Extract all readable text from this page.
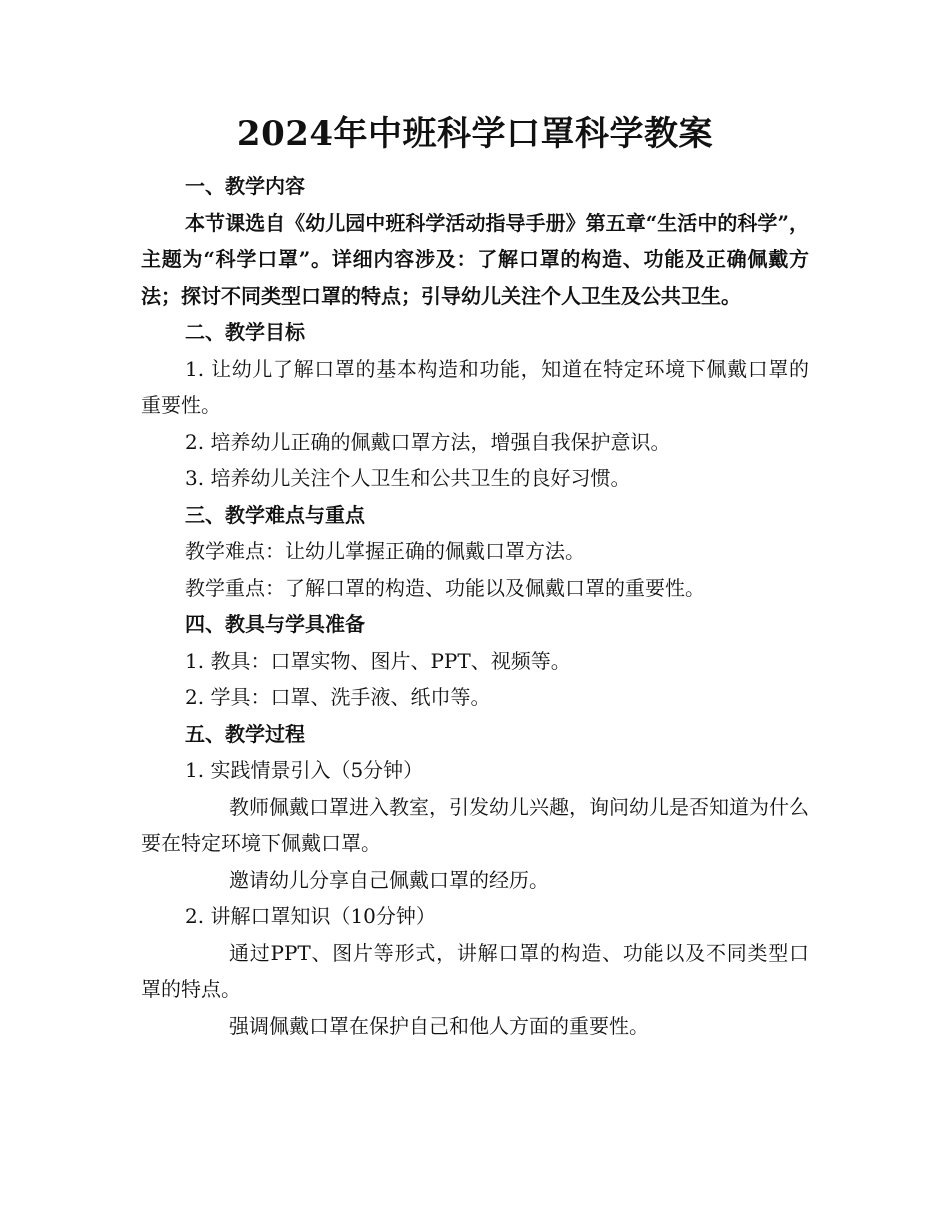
2024年中班科学口罩科学教案

一、教学内容

本节课选自《幼儿园中班科学活动指导手册》第五章“生活中的科学”，主题为“科学口罩”。详细内容涉及：了解口罩的构造、功能及正确佩戴方法；探讨不同类型口罩的特点；引导幼儿关注个人卫生及公共卫生。

二、教学目标

1. 让幼儿了解口罩的基本构造和功能，知道在特定环境下佩戴口罩的重要性。

2. 培养幼儿正确的佩戴口罩方法，增强自我保护意识。

3. 培养幼儿关注个人卫生和公共卫生的良好习惯。

三、教学难点与重点

教学难点：让幼儿掌握正确的佩戴口罩方法。

教学重点：了解口罩的构造、功能以及佩戴口罩的重要性。

四、教具与学具准备

1. 教具：口罩实物、图片、PPT、视频等。

2. 学具：口罩、洗手液、纸巾等。

五、教学过程

1. 实践情景引入（5分钟）

教师佩戴口罩进入教室，引发幼儿兴趣，询问幼儿是否知道为什么要在特定环境下佩戴口罩。

邀请幼儿分享自己佩戴口罩的经历。

2. 讲解口罩知识（10分钟）

通过PPT、图片等形式，讲解口罩的构造、功能以及不同类型口罩的特点。

强调佩戴口罩在保护自己和他人方面的重要性。
